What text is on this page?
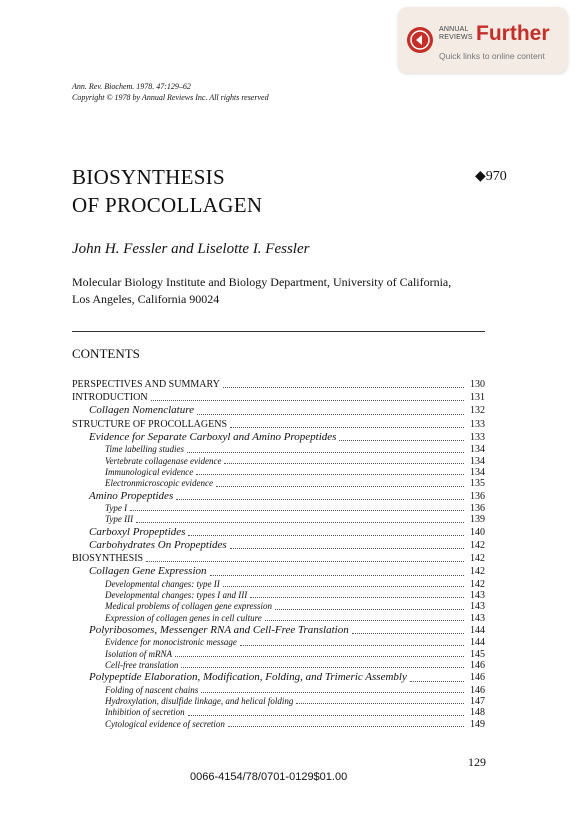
ANNUAL
REVIEWS Further
Quick links to online content
Ann. Rev. Biochem. 1978. 47:129–62
Copyright © 1978 by Annual Reviews Inc. All rights reserved
BIOSYNTHESIS
OF PROCOLLAGEN
◆970
John H. Fessler and Liselotte I. Fessler
Molecular Biology Institute and Biology Department, University of California,
Los Angeles, California 90024
CONTENTS
PERSPECTIVES AND SUMMARY	130
INTRODUCTION	131
Collagen Nomenclature	132
STRUCTURE OF PROCOLLAGENS	133
Evidence for Separate Carboxyl and Amino Propeptides	133
Time labelling studies	134
Vertebrate collagenase evidence	134
Immunological evidence	134
Electronmicroscopic evidence	135
Amino Propeptides	136
Type I	136
Type III	139
Carboxyl Propeptides	140
Carbohydrates On Propeptides	142
BIOSYNTHESIS	142
Collagen Gene Expression	142
Developmental changes: type II	142
Developmental changes: types I and III	143
Medical problems of collagen gene expression	143
Expression of collagen genes in cell culture	143
Polyribosomes, Messenger RNA and Cell-Free Translation	144
Evidence for monocistronic message	144
Isolation of mRNA	145
Cell-free translation	146
Polypeptide Elaboration, Modification, Folding, and Trimeric Assembly	146
Folding of nascent chains	146
Hydroxylation, disulfide linkage, and helical folding	147
Inhibition of secretion	148
Cytological evidence of secretion	149
129
0066-4154/78/0701-0129$01.00
